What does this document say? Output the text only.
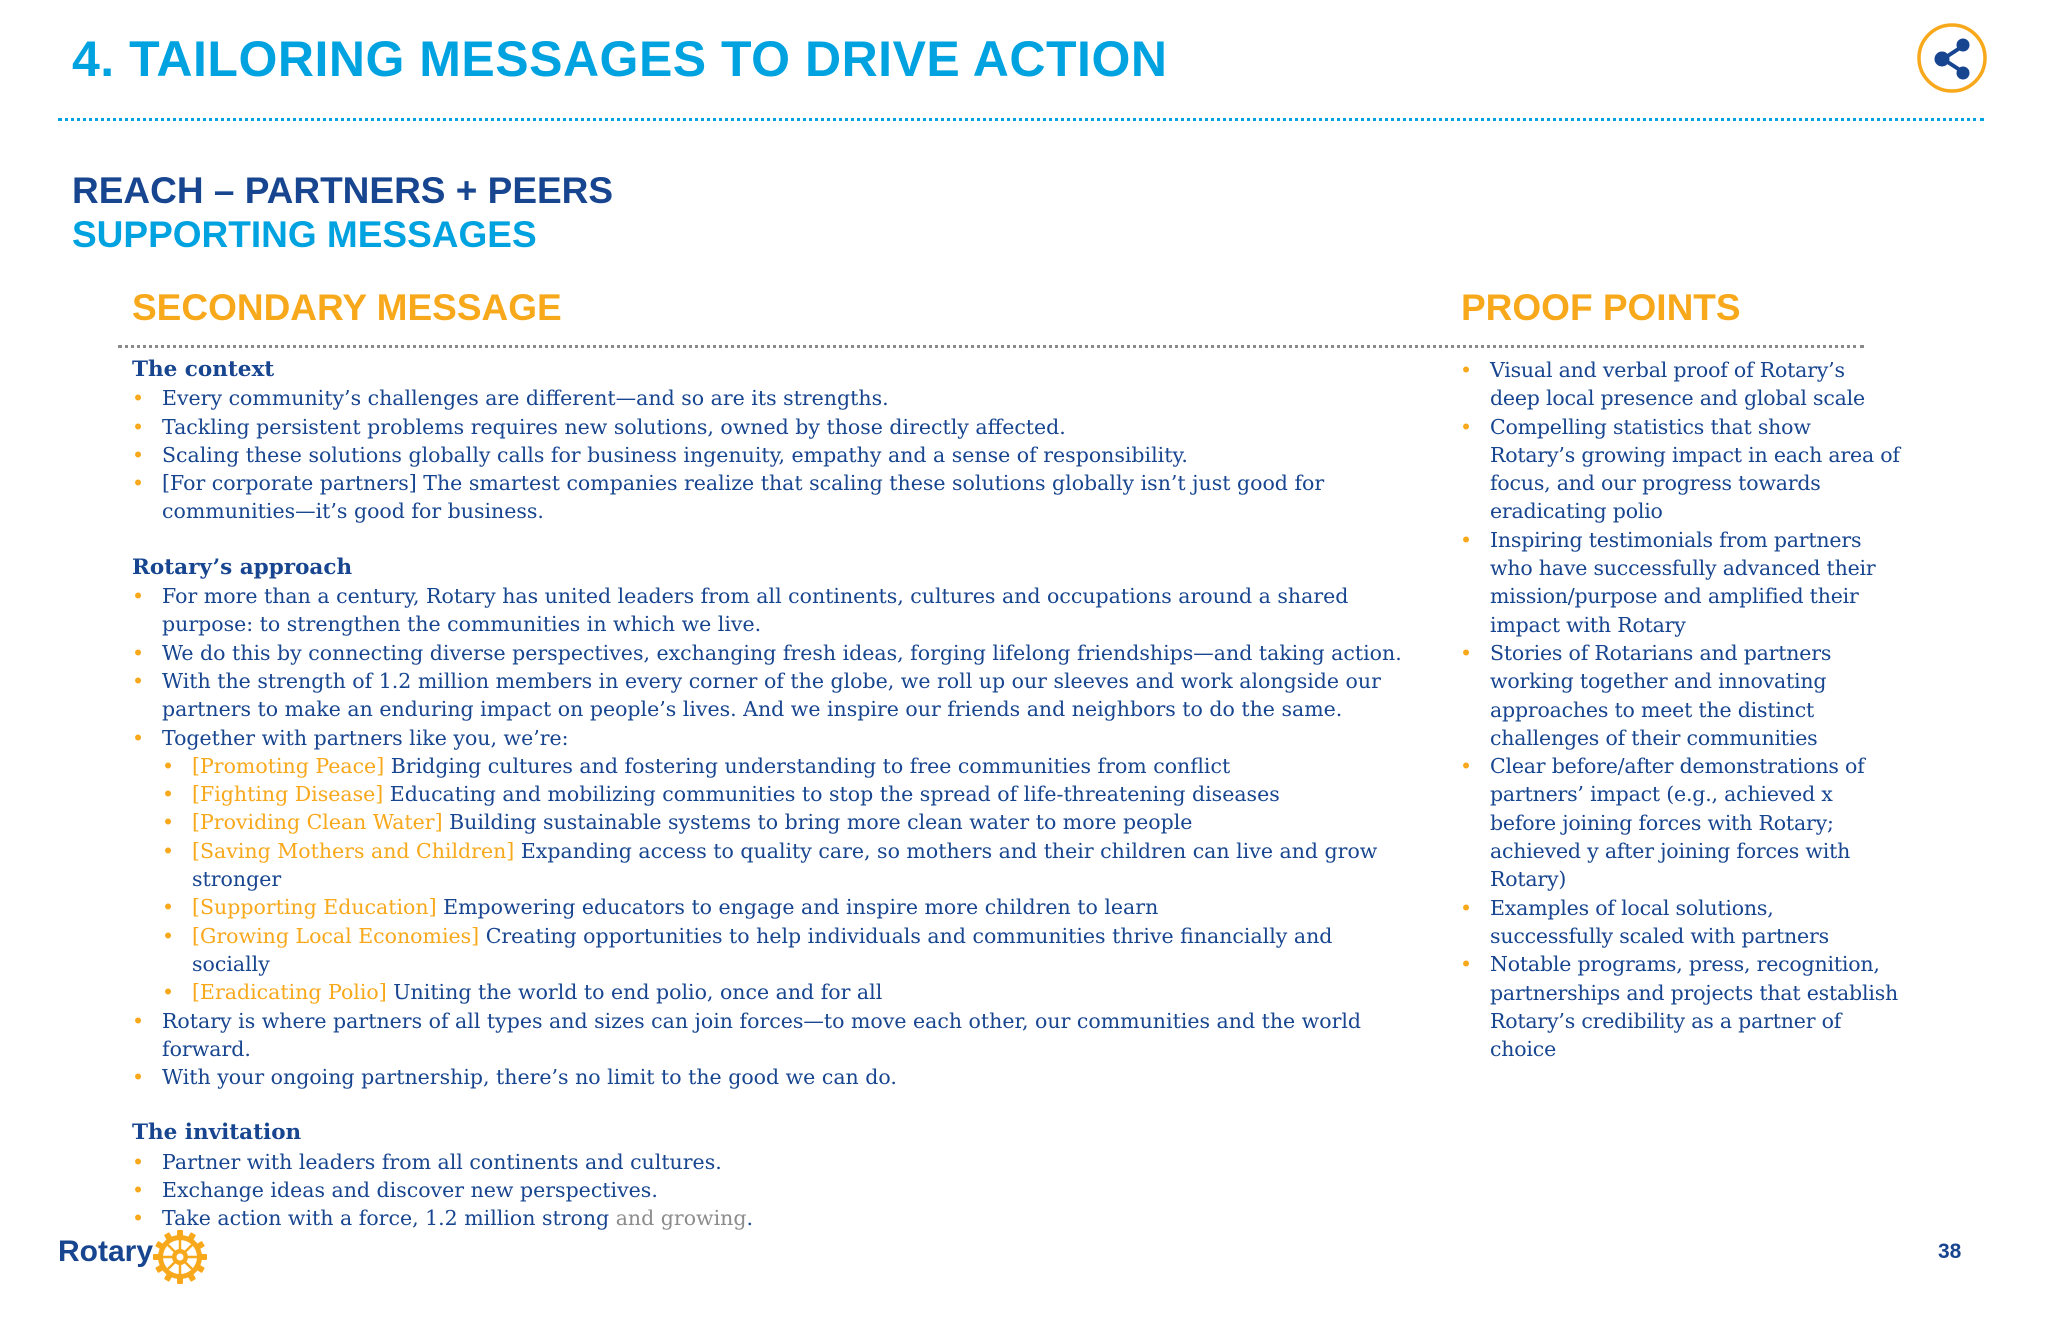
4. TAILORING MESSAGES TO DRIVE ACTION
REACH – PARTNERS + PEERS
SUPPORTING MESSAGES
SECONDARY MESSAGE	PROOF POINTS
The context
• Every community’s challenges are different—and so are its strengths.
• Tackling persistent problems requires new solutions, owned by those directly affected.
• Scaling these solutions globally calls for business ingenuity, empathy and a sense of responsibility.
• [For corporate partners] The smartest companies realize that scaling these solutions globally isn’t just good for communities—it’s good for business.
Rotary’s approach
• For more than a century, Rotary has united leaders from all continents, cultures and occupations around a shared purpose: to strengthen the communities in which we live.
• We do this by connecting diverse perspectives, exchanging fresh ideas, forging lifelong friendships—and taking action.
• With the strength of 1.2 million members in every corner of the globe, we roll up our sleeves and work alongside our partners to make an enduring impact on people’s lives. And we inspire our friends and neighbors to do the same.
• Together with partners like you, we’re:
• [Promoting Peace] Bridging cultures and fostering understanding to free communities from conflict
• [Fighting Disease] Educating and mobilizing communities to stop the spread of life-threatening diseases
• [Providing Clean Water] Building sustainable systems to bring more clean water to more people
• [Saving Mothers and Children] Expanding access to quality care, so mothers and their children can live and grow stronger
• [Supporting Education] Empowering educators to engage and inspire more children to learn
• [Growing Local Economies] Creating opportunities to help individuals and communities thrive financially and socially
• [Eradicating Polio] Uniting the world to end polio, once and for all
• Rotary is where partners of all types and sizes can join forces—to move each other, our communities and the world forward.
• With your ongoing partnership, there’s no limit to the good we can do.
The invitation
• Partner with leaders from all continents and cultures.
• Exchange ideas and discover new perspectives.
• Take action with a force, 1.2 million strong and growing.
• Visual and verbal proof of Rotary’s deep local presence and global scale
• Compelling statistics that show Rotary’s growing impact in each area of focus, and our progress towards eradicating polio
• Inspiring testimonials from partners who have successfully advanced their mission/purpose and amplified their impact with Rotary
• Stories of Rotarians and partners working together and innovating approaches to meet the distinct challenges of their communities
• Clear before/after demonstrations of partners’ impact (e.g., achieved x before joining forces with Rotary; achieved y after joining forces with Rotary)
• Examples of local solutions, successfully scaled with partners
• Notable programs, press, recognition, partnerships and projects that establish Rotary’s credibility as a partner of choice
Rotary	38
